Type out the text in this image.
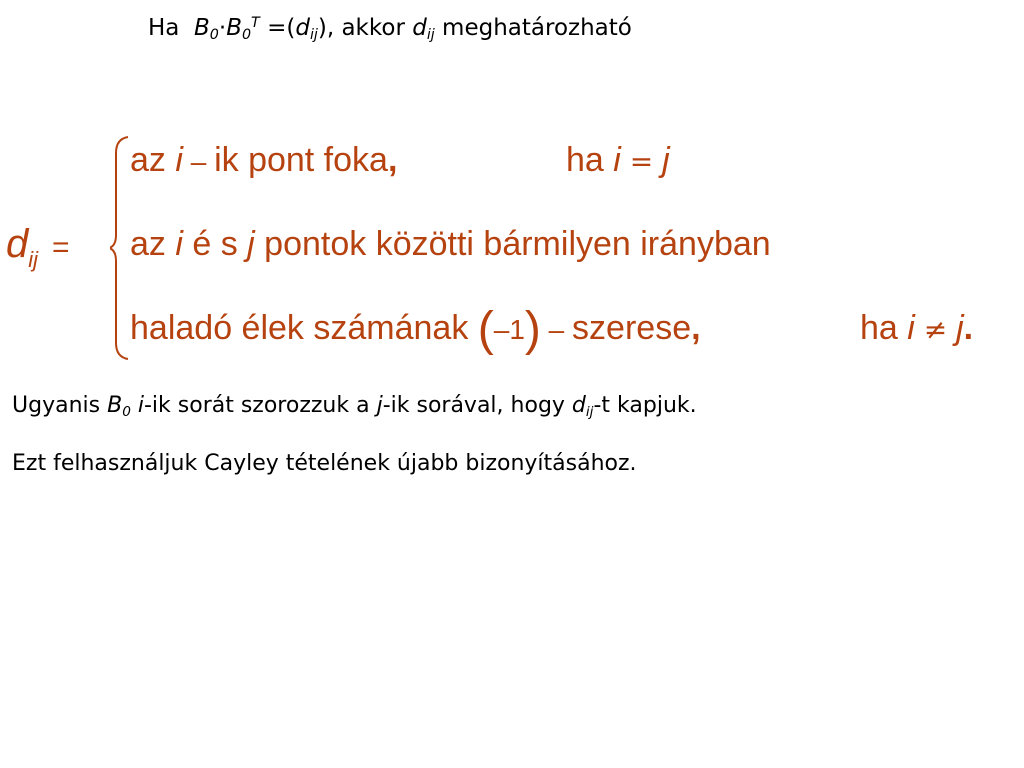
Ha $B_0\cdot B_0^T =(d_{ij})$, akkor $d_{ij}$ meghatározható
$d_{ij}$ =
az i – ik pont foka,	ha i = j
az i é s j pontok közötti bármilyen irányban
haladó élek számának (–1) – szerese,	ha i ≠ j.
Ugyanis $B_0$ i-ik sorát szorozzuk a j-ik sorával, hogy $d_{ij}-t$ kapjuk.
Ezt felhasználjuk Cayley tételének újabb bizonyításához.
